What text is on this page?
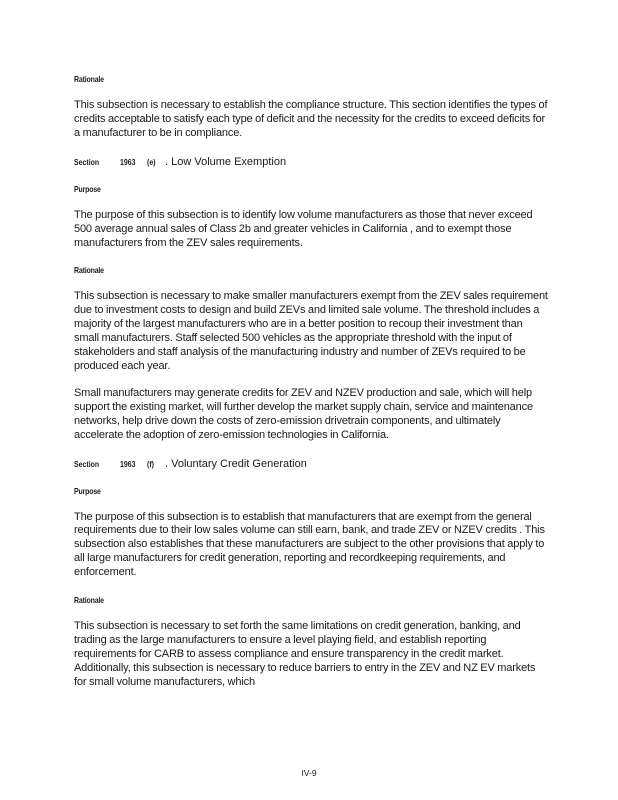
Rationale

This subsection is necessary to establish the compliance structure. This section identifies the types of credits acceptable to satisfy each type of deficit and the necessity for the credits to exceed deficits for a manufacturer to be in compliance.

Section 1963 (e) . Low Volume Exemption

Purpose

The purpose of this subsection is to identify low volume manufacturers as those that never exceed 500 average annual sales of Class 2b and greater vehicles in California , and to exempt those manufacturers from the ZEV sales requirements.

Rationale

This subsection is necessary to make smaller manufacturers exempt from the ZEV sales requirement due to investment costs to design and build ZEVs and limited sale volume. The threshold includes a majority of the largest manufacturers who are in a better position to recoup their investment than small manufacturers. Staff selected 500 vehicles as the appropriate threshold with the input of stakeholders and staff analysis of the manufacturing industry and number of ZEVs required to be produced each year.

Small manufacturers may generate credits for ZEV and NZEV production and sale, which will help support the existing market, will further develop the market supply chain, service and maintenance networks, help drive down the costs of zero-emission drivetrain components, and ultimately accelerate the adoption of zero-emission technologies in California.

Section 1963 (f) . Voluntary Credit Generation

Purpose

The purpose of this subsection is to establish that manufacturers that are exempt from the general requirements due to their low sales volume can still earn, bank, and trade ZEV or NZEV credits . This subsection also establishes that these manufacturers are subject to the other provisions that apply to all large manufacturers for credit generation, reporting and recordkeeping requirements, and enforcement.

Rationale

This subsection is necessary to set forth the same limitations on credit generation, banking, and trading as the large manufacturers to ensure a level playing field, and establish reporting requirements for CARB to assess compliance and ensure transparency in the credit market. Additionally, this subsection is necessary to reduce barriers to entry in the ZEV and NZ EV markets for small volume manufacturers, which

IV-9
